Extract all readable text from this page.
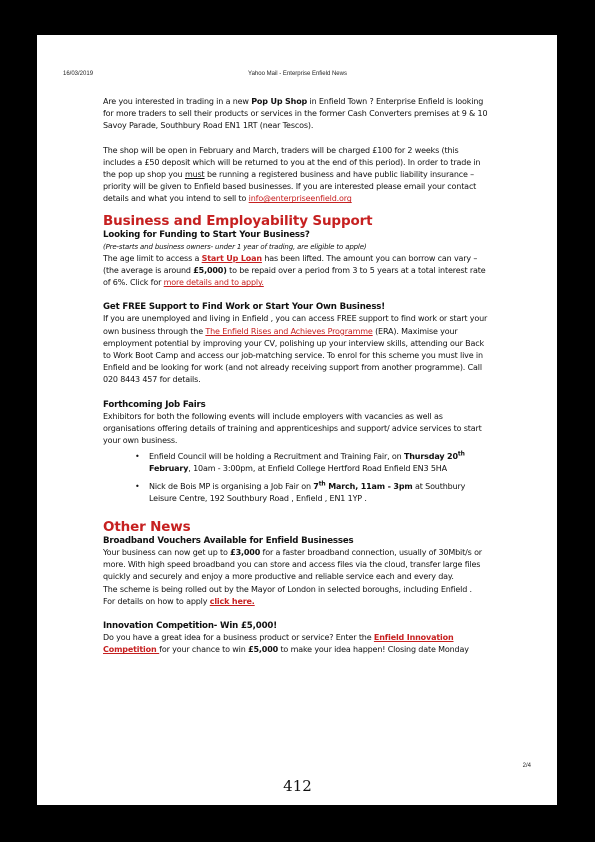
16/03/2019	Yahoo Mail - Enterprise Enfield News

Are you interested in trading in a new Pop Up Shop in Enfield Town ? Enterprise Enfield is looking for more traders to sell their products or services in the former Cash Converters premises at 9 & 10 Savoy Parade, Southbury Road EN1 1RT (near Tescos).

The shop will be open in February and March, traders will be charged £100 for 2 weeks (this includes a £50 deposit which will be returned to you at the end of this period). In order to trade in the pop up shop you must be running a registered business and have public liability insurance – priority will be given to Enfield based businesses. If you are interested please email your contact details and what you intend to sell to info@enterpriseenfield.org

Business and Employability Support
Looking for Funding to Start Your Business?

(Pre-starts and business owners- under 1 year of trading, are eligible to apple)

The age limit to access a Start Up Loan has been lifted. The amount you can borrow can vary – (the average is around £5,000) to be repaid over a period from 3 to 5 years at a total interest rate of 6%. Click for more details and to apply.

Get FREE Support to Find Work or Start Your Own Business!

If you are unemployed and living in Enfield , you can access FREE support to find work or start your own business through the The Enfield Rises and Achieves Programme (ERA). Maximise your employment potential by improving your CV, polishing up your interview skills, attending our Back to Work Boot Camp and access our job-matching service. To enrol for this scheme you must live in Enfield and be looking for work (and not already receiving support from another programme). Call 020 8443 457 for details.

Forthcoming Job Fairs

Exhibitors for both the following events will include employers with vacancies as well as organisations offering details of training and apprenticeships and support/ advice services to start your own business.

•	Enfield Council will be holding a Recruitment and Training Fair, on Thursday 20th February, 10am - 3:00pm, at Enfield College Hertford Road Enfield EN3 5HA
•	Nick de Bois MP is organising a Job Fair on 7th March, 11am - 3pm at Southbury Leisure Centre, 192 Southbury Road , Enfield , EN1 1YP .
Other News
Broadband Vouchers Available for Enfield Businesses

Your business can now get up to £3,000 for a faster broadband connection, usually of 30Mbit/s or more. With high speed broadband you can store and access files via the cloud, transfer large files quickly and securely and enjoy a more productive and reliable service each and every day.

The scheme is being rolled out by the Mayor of London in selected boroughs, including Enfield .

For details on how to apply click here.

Innovation Competition- Win £5,000!

Do you have a great idea for a business product or service? Enter the Enfield Innovation Competition for your chance to win £5,000 to make your idea happen! Closing date Monday

2/4
412
